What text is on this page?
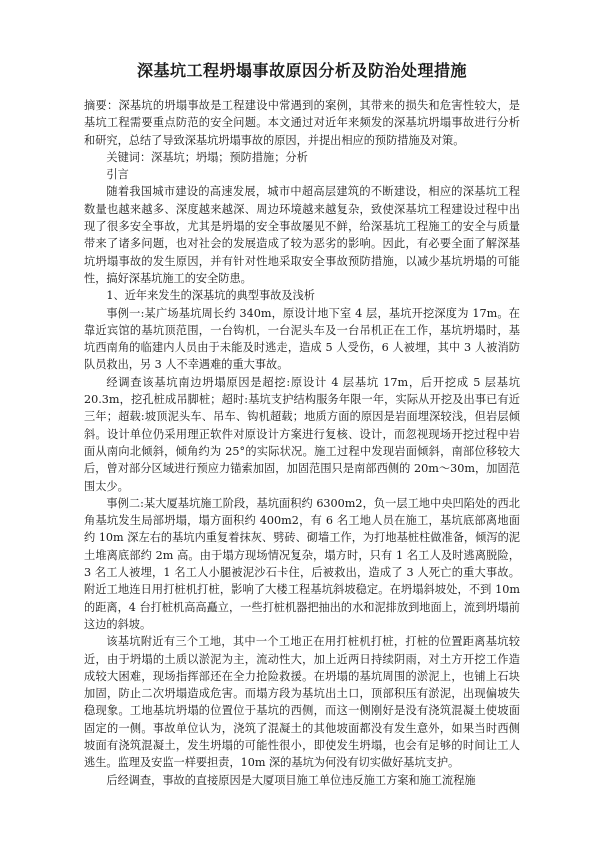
深基坑工程坍塌事故原因分析及防治处理措施

摘要：深基坑的坍塌事故是工程建设中常遇到的案例，其带来的损失和危害性较大，是基坑工程需要重点防范的安全问题。本文通过对近年来频发的深基坑坍塌事故进行分析和研究，总结了导致深基坑坍塌事故的原因，并提出相应的预防措施及对策。

关键词：深基坑；坍塌；预防措施；分析

引言

随着我国城市建设的高速发展，城市中超高层建筑的不断建设，相应的深基坑工程数量也越来越多、深度越来越深、周边环境越来越复杂，致使深基坑工程建设过程中出现了很多安全事故，尤其是坍塌的安全事故屡见不鲜，给深基坑工程施工的安全与质量带来了诸多问题，也对社会的发展造成了较为恶劣的影响。因此，有必要全面了解深基坑坍塌事故的发生原因，并有针对性地采取安全事故预防措施，以减少基坑坍塌的可能性，搞好深基坑施工的安全防患。

1、近年来发生的深基坑的典型事故及浅析

事例一:某广场基坑周长约 340m，原设计地下室 4 层，基坑开挖深度为 17m。在靠近宾馆的基坑顶范围，一台钩机，一台泥头车及一台吊机正在工作，基坑坍塌时，基坑西南角的临建内人员由于未能及时逃走，造成 5 人受伤，6 人被埋，其中 3 人被消防队员救出，另 3 人不幸遇难的重大事故。

经调查该基坑南边坍塌原因是超挖:原设计 4 层基坑 17m，后开挖成 5 层基坑 20.3m，挖孔桩成吊脚桩；超时:基坑支护结构服务年限一年，实际从开挖及出事已有近三年；超载:坡顶泥头车、吊车、钩机超载；地质方面的原因是岩面埋深较浅，但岩层倾斜。设计单位仍采用理正软件对原设计方案进行复核、设计，而忽视现场开挖过程中岩面从南向北倾斜，倾角约为 25°的实际状况。施工过程中发现岩面倾斜，南部位移较大后，曾对部分区域进行预应力锚索加固，加固范围只是南部西侧的 20m～30m，加固范围太少。

事例二:某大厦基坑施工阶段，基坑面积约 6300m2，负一层工地中央凹陷处的西北角基坑发生局部坍塌，塌方面积约 400m2，有 6 名工地人员在施工，基坑底部离地面约 10m 深左右的基坑内重复着抹灰、劈砖、砌墙工作，为打地基桩柱做准备，倾泻的泥土堆离底部约 2m 高。由于塌方现场情况复杂，塌方时，只有 1 名工人及时逃离脱险，3 名工人被埋，1 名工人小腿被泥沙石卡住，后被救出，造成了 3 人死亡的重大事故。附近工地连日用打桩机打桩，影响了大楼工程基坑斜坡稳定。在坍塌斜坡处，不到 10m 的距离，4 台打桩机高高矗立，一些打桩机器把抽出的水和泥排放到地面上，流到坍塌前这边的斜坡。

该基坑附近有三个工地，其中一个工地正在用打桩机打桩，打桩的位置距离基坑较近，由于坍塌的土质以淤泥为主，流动性大，加上近两日持续阴雨，对土方开挖工作造成较大困难，现场指挥部还在全力抢险救援。在坍塌的基坑周围的淤泥上，也铺上石块加固，防止二次坍塌造成危害。而塌方段为基坑出土口，顶部积压有淤泥，出现偏坡失稳现象。工地基坑坍塌的位置位于基坑的西侧，而这一侧刚好是没有浇筑混凝土使坡面固定的一侧。事故单位认为，浇筑了混凝土的其他坡面都没有发生意外，如果当时西侧坡面有浇筑混凝土，发生坍塌的可能性很小，即使发生坍塌，也会有足够的时间让工人逃生。监理及安监一样要担责，10m 深的基坑为何没有切实做好基坑支护。

后经调查，事故的直接原因是大厦项目施工单位违反施工方案和施工流程施
